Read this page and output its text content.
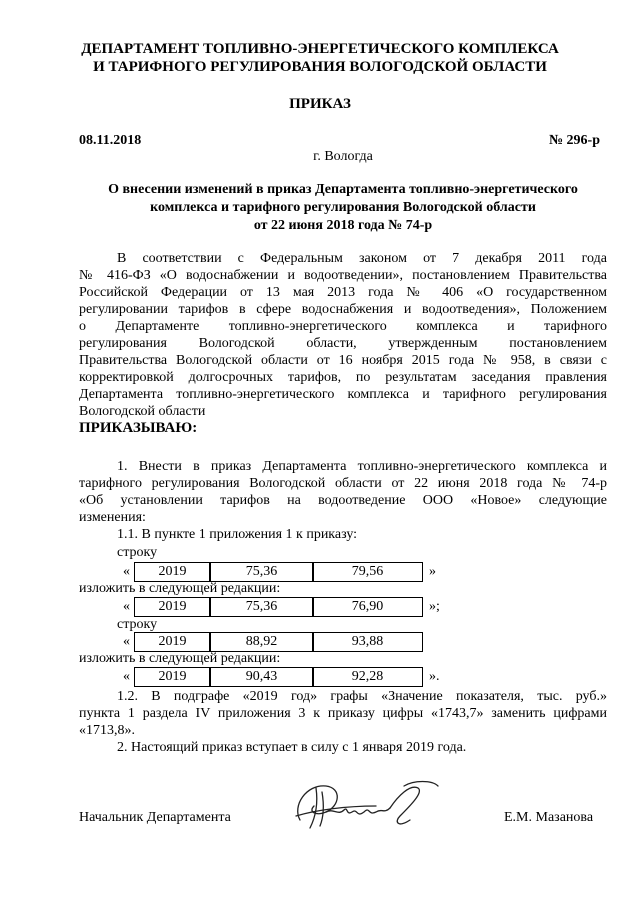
ДЕПАРТАМЕНТ ТОПЛИВНО-ЭНЕРГЕТИЧЕСКОГО КОМПЛЕКСА
И ТАРИФНОГО РЕГУЛИРОВАНИЯ ВОЛОГОДСКОЙ ОБЛАСТИ
ПРИКАЗ
08.11.2018	№ 296-р
г. Вологда
О внесении изменений в приказ Департамента топливно-энергетического
комплекса и тарифного регулирования Вологодской области
от 22 июня 2018 года № 74-р
В соответствии с Федеральным законом от 7 декабря 2011 года
№ 416-ФЗ «О водоснабжении и водоотведении», постановлением Правительства
Российской Федерации от 13 мая 2013 года № 406 «О государственном
регулировании тарифов в сфере водоснабжения и водоотведения», Положением
о Департаменте топливно-энергетического комплекса и тарифного
регулирования Вологодской области, утвержденным постановлением
Правительства Вологодской области от 16 ноября 2015 года № 958, в связи с
корректировкой долгосрочных тарифов, по результатам заседания правления
Департамента топливно-энергетического комплекса и тарифного регулирования
Вологодской области
ПРИКАЗЫВАЮ:
1. Внести в приказ Департамента топливно-энергетического комплекса и
тарифного регулирования Вологодской области от 22 июня 2018 года № 74-р
«Об установлении тарифов на водоотведение ООО «Новое» следующие
изменения:
1.1. В пункте 1 приложения 1 к приказу:
строку
«	2019	75,36	79,56	»
изложить в следующей редакции:
«	2019	75,36	76,90	»;
строку
«	2019	88,92	93,88
изложить в следующей редакции:
«	2019	90,43	92,28	».
1.2. В подграфе «2019 год» графы «Значение показателя, тыс. руб.»
пункта 1 раздела IV приложения 3 к приказу цифры «1743,7» заменить цифрами
«1713,8».
2. Настоящий приказ вступает в силу с 1 января 2019 года.
Начальник Департамента	Е.М. Мазанова
